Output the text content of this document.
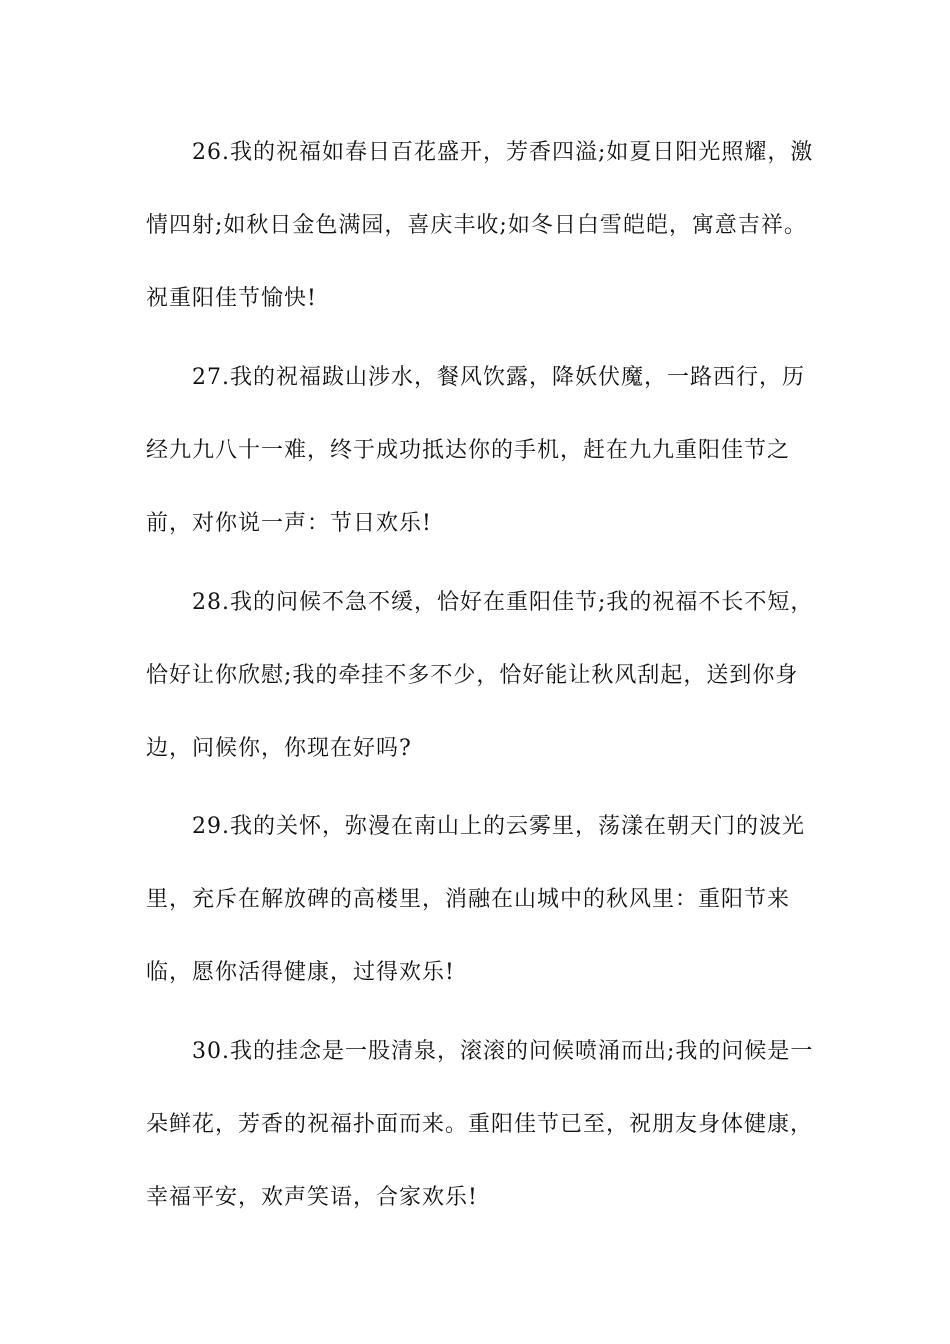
26.我的祝福如春日百花盛开，芳香四溢;如夏日阳光照耀，激情四射;如秋日金色满园，喜庆丰收;如冬日白雪皑皑，寓意吉祥。祝重阳佳节愉快!

27.我的祝福跋山涉水，餐风饮露，降妖伏魔，一路西行，历经九九八十一难，终于成功抵达你的手机，赶在九九重阳佳节之前，对你说一声：节日欢乐!

28.我的问候不急不缓，恰好在重阳佳节;我的祝福不长不短，恰好让你欣慰;我的牵挂不多不少，恰好能让秋风刮起，送到你身边，问候你，你现在好吗?

29.我的关怀，弥漫在南山上的云雾里，荡漾在朝天门的波光里，充斥在解放碑的高楼里，消融在山城中的秋风里：重阳节来临，愿你活得健康，过得欢乐!

30.我的挂念是一股清泉，滚滚的问候喷涌而出;我的问候是一朵鲜花，芳香的祝福扑面而来。重阳佳节已至，祝朋友身体健康，幸福平安，欢声笑语，合家欢乐!
